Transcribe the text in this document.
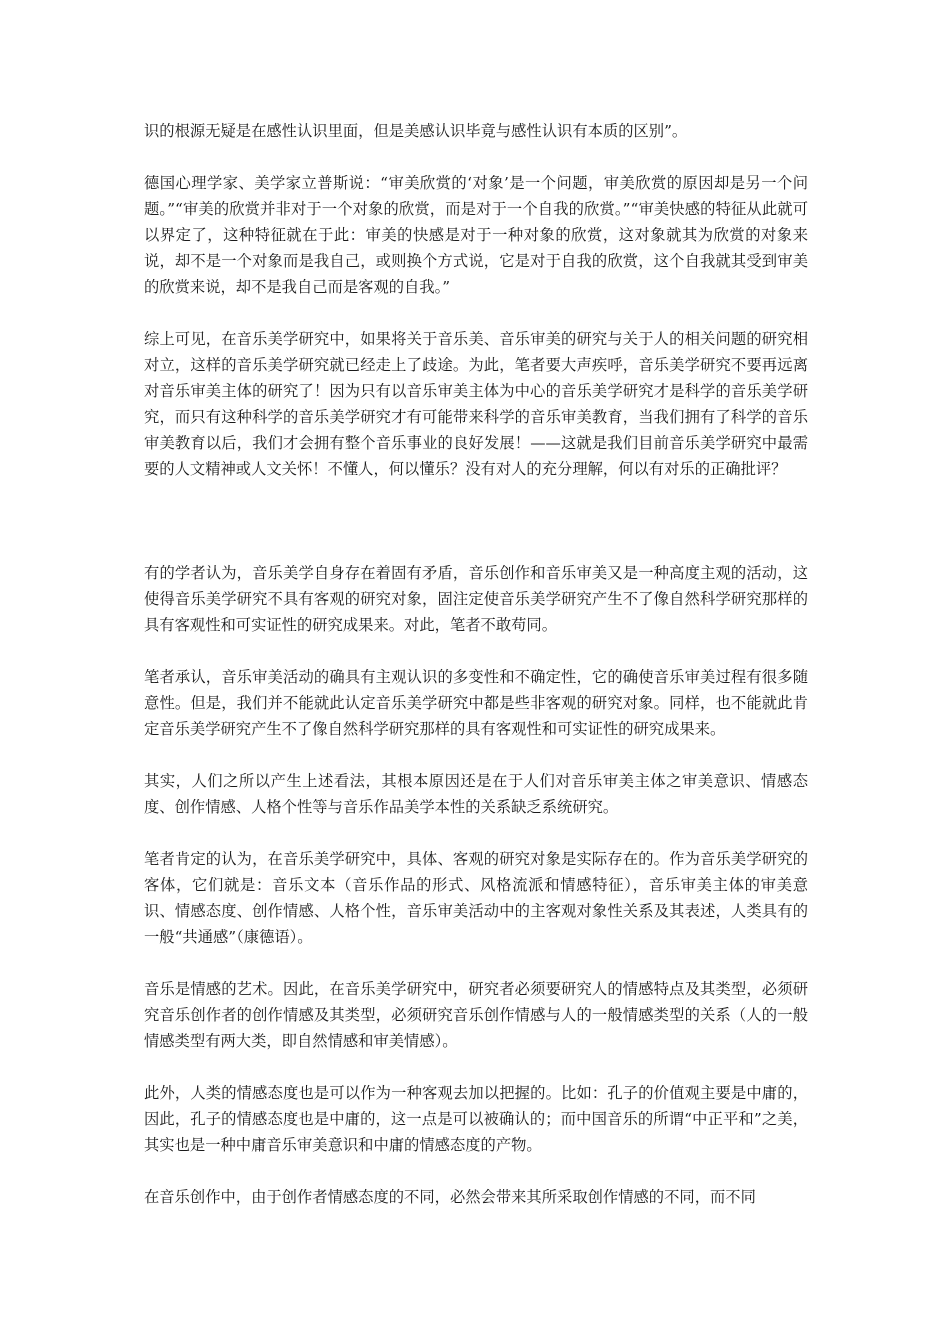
识的根源无疑是在感性认识里面，但是美感认识毕竟与感性认识有本质的区别”。

德国心理学家、美学家立普斯说：“审美欣赏的‘对象’是一个问题，审美欣赏的原因却是另一个问题。”“审美的欣赏并非对于一个对象的欣赏，而是对于一个自我的欣赏。”“审美快感的特征从此就可以界定了，这种特征就在于此：审美的快感是对于一种对象的欣赏，这对象就其为欣赏的对象来说，却不是一个对象而是我自己，或则换个方式说，它是对于自我的欣赏，这个自我就其受到审美的欣赏来说，却不是我自己而是客观的自我。”

综上可见，在音乐美学研究中，如果将关于音乐美、音乐审美的研究与关于人的相关问题的研究相对立，这样的音乐美学研究就已经走上了歧途。为此，笔者要大声疾呼，音乐美学研究不要再远离对音乐审美主体的研究了！因为只有以音乐审美主体为中心的音乐美学研究才是科学的音乐美学研究，而只有这种科学的音乐美学研究才有可能带来科学的音乐审美教育，当我们拥有了科学的音乐审美教育以后，我们才会拥有整个音乐事业的良好发展！——这就是我们目前音乐美学研究中最需要的人文精神或人文关怀！不懂人，何以懂乐？没有对人的充分理解，何以有对乐的正确批评？

有的学者认为，音乐美学自身存在着固有矛盾，音乐创作和音乐审美又是一种高度主观的活动，这使得音乐美学研究不具有客观的研究对象，固注定使音乐美学研究产生不了像自然科学研究那样的具有客观性和可实证性的研究成果来。对此，笔者不敢苟同。

笔者承认，音乐审美活动的确具有主观认识的多变性和不确定性，它的确使音乐审美过程有很多随意性。但是，我们并不能就此认定音乐美学研究中都是些非客观的研究对象。同样，也不能就此肯定音乐美学研究产生不了像自然科学研究那样的具有客观性和可实证性的研究成果来。

其实，人们之所以产生上述看法，其根本原因还是在于人们对音乐审美主体之审美意识、情感态度、创作情感、人格个性等与音乐作品美学本性的关系缺乏系统研究。

笔者肯定的认为，在音乐美学研究中，具体、客观的研究对象是实际存在的。作为音乐美学研究的客体，它们就是：音乐文本（音乐作品的形式、风格流派和情感特征），音乐审美主体的审美意识、情感态度、创作情感、人格个性，音乐审美活动中的主客观对象性关系及其表述，人类具有的一般“共通感”（康德语）。

音乐是情感的艺术。因此，在音乐美学研究中，研究者必须要研究人的情感特点及其类型，必须研究音乐创作者的创作情感及其类型，必须研究音乐创作情感与人的一般情感类型的关系（人的一般情感类型有两大类，即自然情感和审美情感）。

此外，人类的情感态度也是可以作为一种客观去加以把握的。比如：孔子的价值观主要是中庸的，因此，孔子的情感态度也是中庸的，这一点是可以被确认的；而中国音乐的所谓“中正平和”之美，其实也是一种中庸音乐审美意识和中庸的情感态度的产物。

在音乐创作中，由于创作者情感态度的不同，必然会带来其所采取创作情感的不同，而不同
